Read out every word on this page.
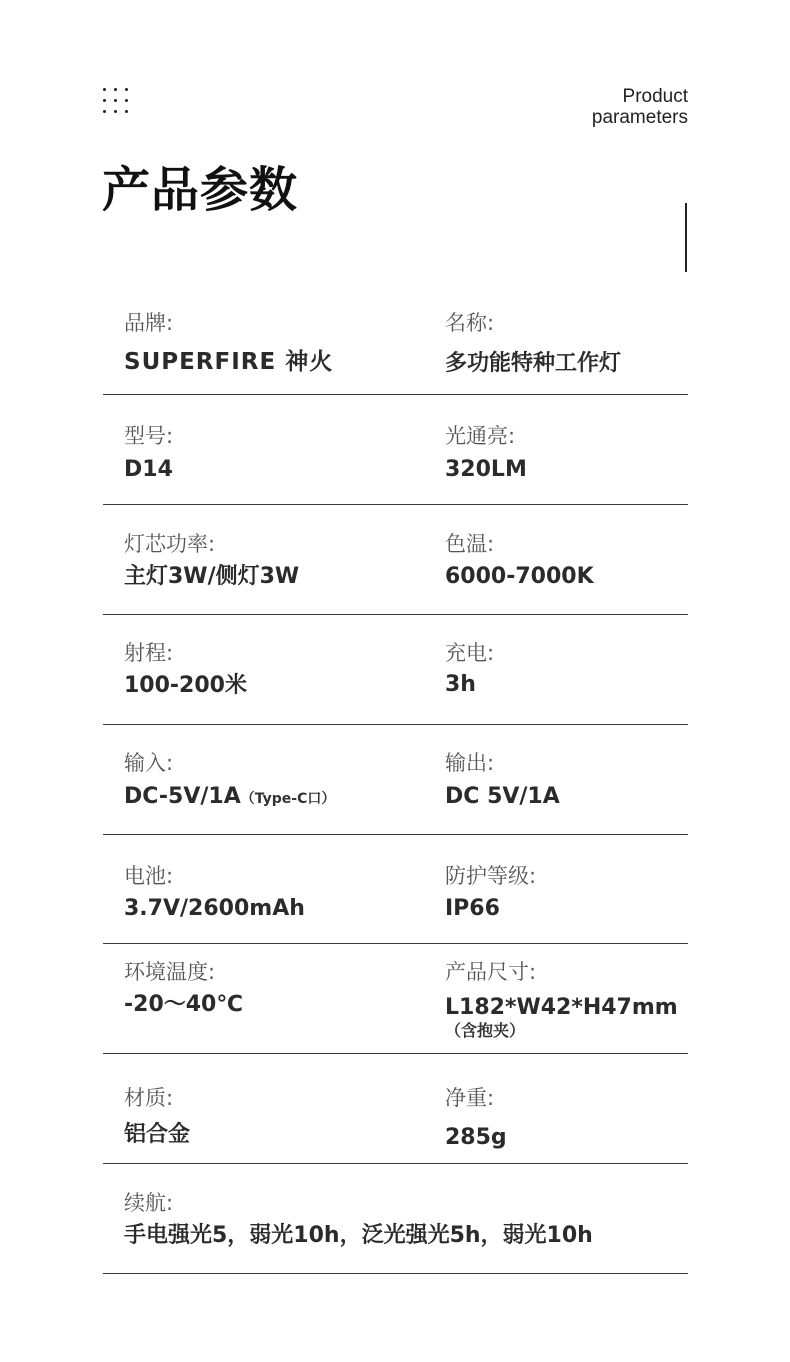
Product
parameters
产品参数
品牌:
SUPERFIRE 神火
名称:
多功能特种工作灯
型号:
D14
光通亮:
320LM
灯芯功率:
主灯3W/侧灯3W
色温:
6000-7000K
射程:
100-200米
充电:
3h
输入:
DC-5V/1A（Type-C口）
输出:
DC 5V/1A
电池:
3.7V/2600mAh
防护等级:
IP66
环境温度:
-20～40℃
产品尺寸:
L182*W42*H47mm
（含抱夹）
材质:
铝合金
净重:
285g
续航:
手电强光5，弱光10h，泛光强光5h，弱光10h
